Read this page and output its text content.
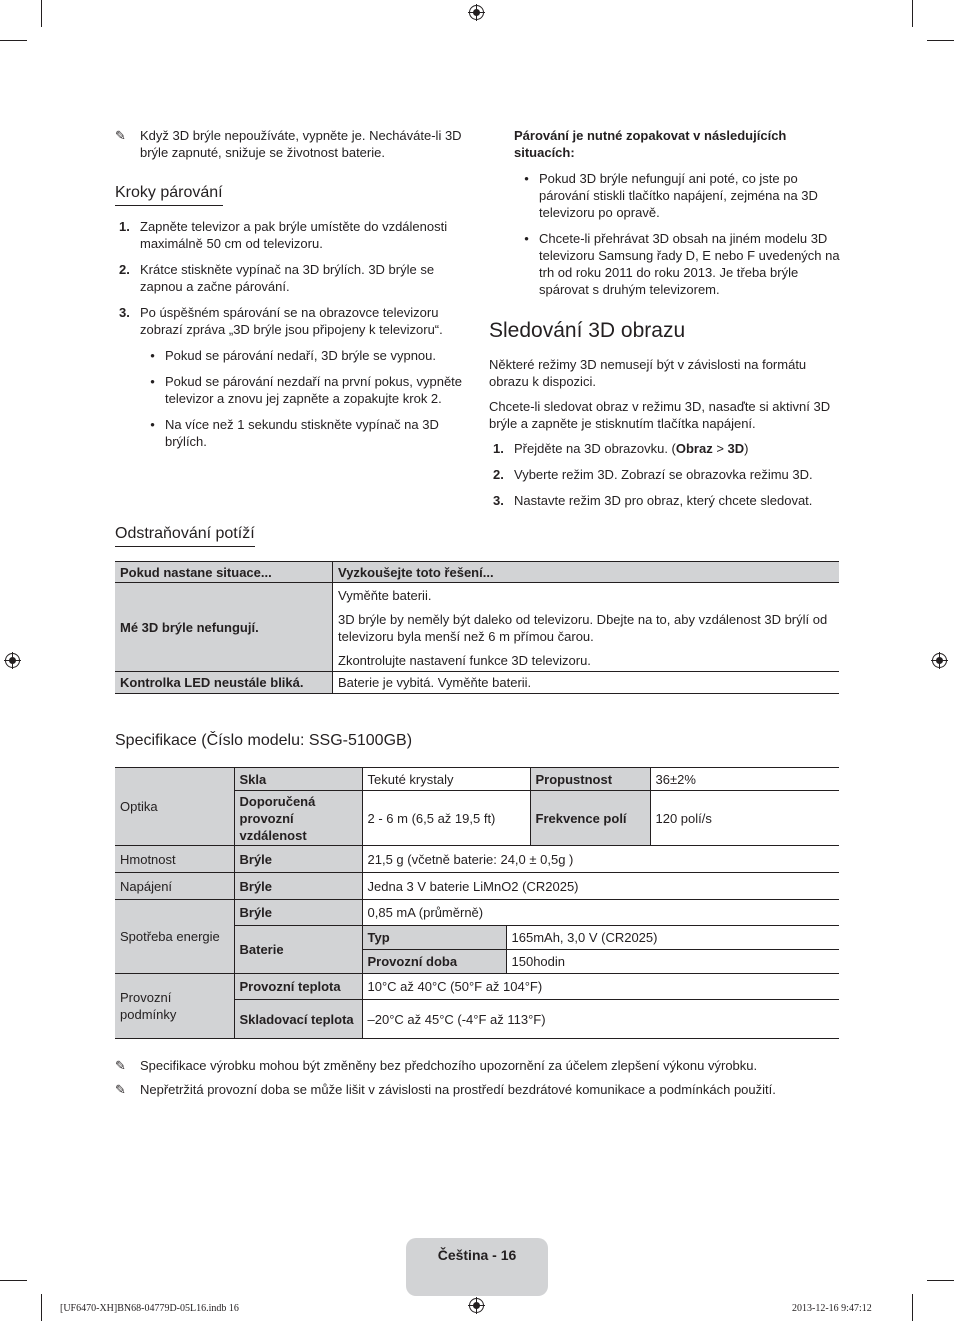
✎	Když 3D brýle nepoužíváte, vypněte je. Necháváte-li 3D brýle zapnuté, snižuje se životnost baterie.
Kroky párování
1. Zapněte televizor a pak brýle umístěte do vzdálenosti maximálně 50 cm od televizoru.
2. Krátce stiskněte vypínač na 3D brýlích. 3D brýle se zapnou a začne párování.
3. Po úspěšném spárování se na obrazovce televizoru zobrazí zpráva „3D brýle jsou připojeny k televizoru“.
• Pokud se párování nedaří, 3D brýle se vypnou.
• Pokud se párování nezdaří na první pokus, vypněte televizor a znovu jej zapněte a zopakujte krok 2.
• Na více než 1 sekundu stiskněte vypínač na 3D brýlích.

Párování je nutné zopakovat v následujících situacích:

• Pokud 3D brýle nefungují ani poté, co jste po párování stiskli tlačítko napájení, zejména na 3D televizoru po opravě.
• Chcete-li přehrávat 3D obsah na jiném modelu 3D televizoru Samsung řady D, E nebo F uvedených na trh od roku 2011 do roku 2013. Je třeba brýle spárovat s druhým televizorem.
Sledování 3D obrazu

Některé režimy 3D nemusejí být v závislosti na formátu obrazu k dispozici.

Chcete-li sledovat obraz v režimu 3D, nasaďte si aktivní 3D brýle a zapněte je stisknutím tlačítka napájení.

1. Přejděte na 3D obrazovku. (Obraz > 3D)
2. Vyberte režim 3D. Zobrazí se obrazovka režimu 3D.
3. Nastavte režim 3D pro obraz, který chcete sledovat.
Odstraňování potíží
Pokud nastane situace...	Vyzkoušejte toto řešení...
Mé 3D brýle nefungují.	Vyměňte baterii.

3D brýle by neměly být daleko od televizoru. Dbejte na to, aby vzdálenost 3D brýlí od televizoru byla menší než 6 m přímou čarou.

Zkontrolujte nastavení funkce 3D televizoru.

Kontrolka LED neustále bliká.	Baterie je vybitá. Vyměňte baterii.
Specifikace (Číslo modelu: SSG-5100GB)
Optika	Skla	Tekuté krystaly		Propustnost	36±2%
	Doporučená provozní vzdálenost	2 - 6 m (6,5 až 19,5 ft)		Frekvence polí	120 polí/s
Hmotnost	Brýle	21,5 g (včetně baterie: 24,0 ± 0,5g )			
Napájení	Brýle	Jedna 3 V baterie LiMnO2 (CR2025)			
Spotřeba energie	Brýle	0,85 mA (průměrně)			
	Baterie	Typ	165mAh, 3,0 V (CR2025)		
		Provozní doba	150hodin		
Provozní podmínky	Provozní teplota	10°C až 40°C (50°F až 104°F)			
	Skladovací teplota	–20°C až 45°C (-4°F až 113°F)			
✎	Specifikace výrobku mohou být změněny bez předchozího upozornění za účelem zlepšení výkonu výrobku.
✎	Nepřetržitá provozní doba se může lišit v závislosti na prostředí bezdrátové komunikace a podmínkách použití.
Čeština - 16
[UF6470-XH]BN68-04779D-05L16.indb 16	2013-12-16 9:47:12
